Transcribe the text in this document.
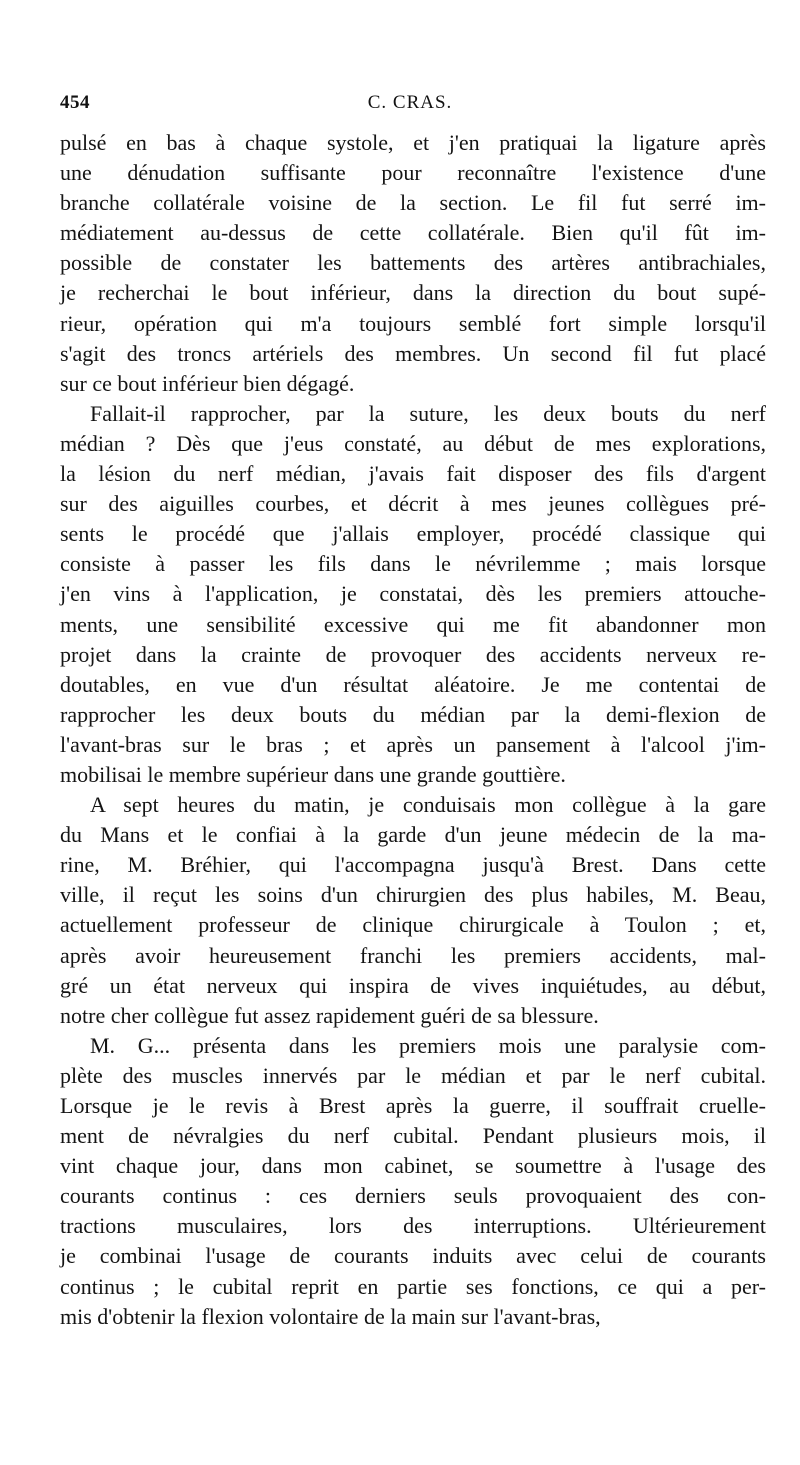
454	C. CRAS.
pulsé en bas à chaque systole, et j'en pratiquai la ligature après
une dénudation suffisante pour reconnaître l'existence d'une
branche collatérale voisine de la section. Le fil fut serré im-
médiatement au-dessus de cette collatérale. Bien qu'il fût im-
possible de constater les battements des artères antibrachiales,
je recherchai le bout inférieur, dans la direction du bout supé-
rieur, opération qui m'a toujours semblé fort simple lorsqu'il
s'agit des troncs artériels des membres. Un second fil fut placé
sur ce bout inférieur bien dégagé.
Fallait-il rapprocher, par la suture, les deux bouts du nerf
médian ? Dès que j'eus constaté, au début de mes explorations,
la lésion du nerf médian, j'avais fait disposer des fils d'argent
sur des aiguilles courbes, et décrit à mes jeunes collègues pré-
sents le procédé que j'allais employer, procédé classique qui
consiste à passer les fils dans le névrilemme ; mais lorsque
j'en vins à l'application, je constatai, dès les premiers attouche-
ments, une sensibilité excessive qui me fit abandonner mon
projet dans la crainte de provoquer des accidents nerveux re-
doutables, en vue d'un résultat aléatoire. Je me contentai de
rapprocher les deux bouts du médian par la demi-flexion de
l'avant-bras sur le bras ; et après un pansement à l'alcool j'im-
mobilisai le membre supérieur dans une grande gouttière.
A sept heures du matin, je conduisais mon collègue à la gare
du Mans et le confiai à la garde d'un jeune médecin de la ma-
rine, M. Bréhier, qui l'accompagna jusqu'à Brest. Dans cette
ville, il reçut les soins d'un chirurgien des plus habiles, M. Beau,
actuellement professeur de clinique chirurgicale à Toulon ; et,
après avoir heureusement franchi les premiers accidents, mal-
gré un état nerveux qui inspira de vives inquiétudes, au début,
notre cher collègue fut assez rapidement guéri de sa blessure.
M. G... présenta dans les premiers mois une paralysie com-
plète des muscles innervés par le médian et par le nerf cubital.
Lorsque je le revis à Brest après la guerre, il souffrait cruelle-
ment de névralgies du nerf cubital. Pendant plusieurs mois, il
vint chaque jour, dans mon cabinet, se soumettre à l'usage des
courants continus : ces derniers seuls provoquaient des con-
tractions musculaires, lors des interruptions. Ultérieurement
je combinai l'usage de courants induits avec celui de courants
continus ; le cubital reprit en partie ses fonctions, ce qui a per-
mis d'obtenir la flexion volontaire de la main sur l'avant-bras,
